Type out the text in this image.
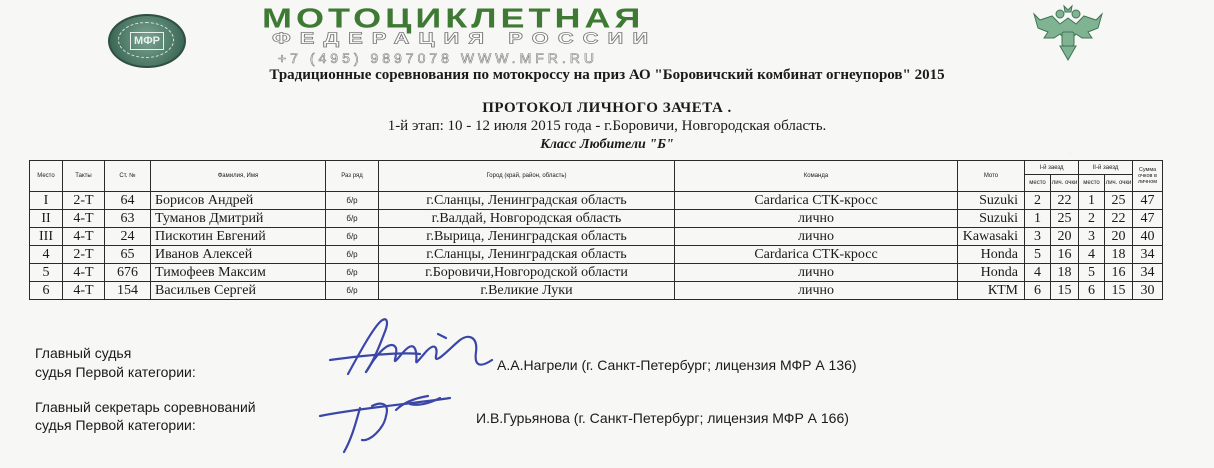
МФР
МОТОЦИКЛЕТНАЯ
ФЕДЕРАЦИЯ РОССИИ
+7 (495) 9897078 WWW.MFR.RU
Традиционные соревнования по мотокроссу на приз АО "Боровичский комбинат огнеупоров" 2015
ПРОТОКОЛ ЛИЧНОГО ЗАЧЕТА .
1-й этап: 10 - 12 июля 2015 года - г.Боровичи, Новгородская область.
Класс Любители "Б"
Место	Такты	Ст. №	Фамилия, Имя	Раз ряд	Город (край, район, область)	Команда	Мото	I-й заезд		II-й заезд		Сумма очков в личном
								место	лич. очки	место	лич. очки	
I	2-Т	64	Борисов Андрей	б/р	г.Сланцы, Ленинградская область	Cardarica СТК-кросс	Suzuki	2	22	1	25	47
II	4-Т	63	Туманов Дмитрий	б/р	г.Валдай, Новгородская область	лично	Suzuki	1	25	2	22	47
III	4-Т	24	Пискотин Евгений	б/р	г.Вырица, Ленинградская область	лично	Kawasaki	3	20	3	20	40
4	2-Т	65	Иванов Алексей	б/р	г.Сланцы, Ленинградская область	Cardarica СТК-кросс	Honda	5	16	4	18	34
5	4-Т	676	Тимофеев Максим	б/р	г.Боровичи,Новгородской области	лично	Honda	4	18	5	16	34
6	4-Т	154	Васильев Сергей	б/р	г.Великие Луки	лично	КТМ	6	15	6	15	30
·
Главный судья
судья Первой категории:	А.А.Нагрели (г. Санкт-Петербург; лицензия МФР А 136)
Главный секретарь соревнований
судья Первой категории:	И.В.Гурьянова (г. Санкт-Петербург; лицензия МФР А 166)
